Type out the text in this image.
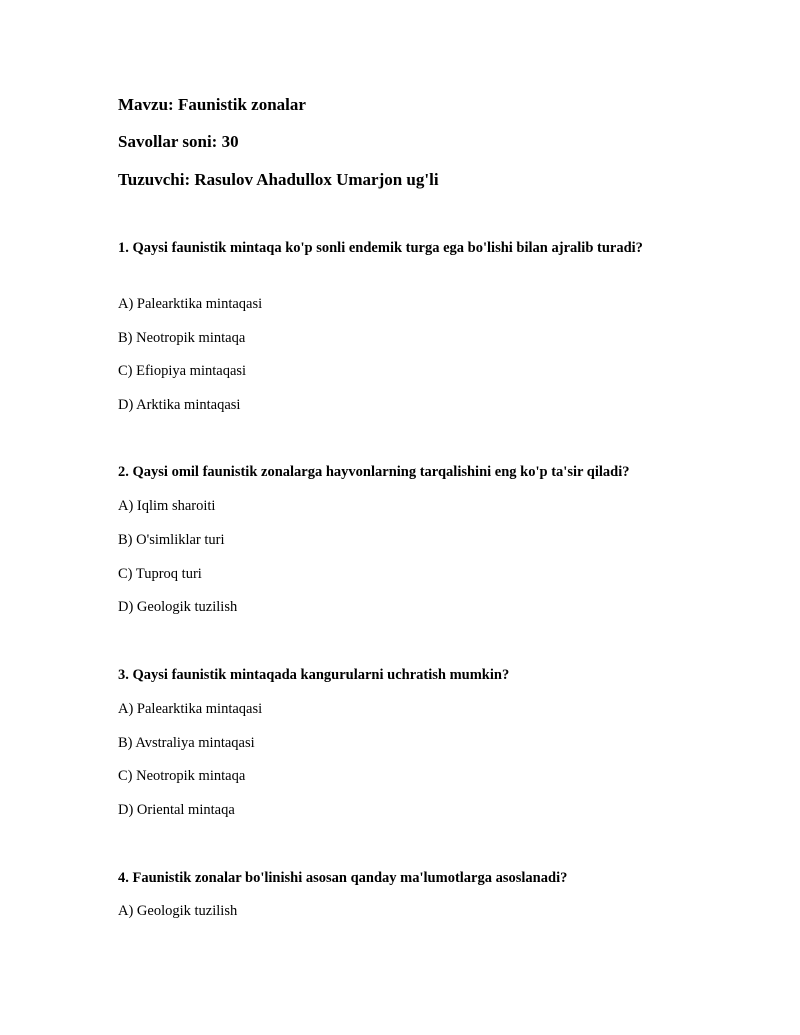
Mavzu: Faunistik zonalar

Savollar soni: 30

Tuzuvchi: Rasulov Ahadullox Umarjon ug'li

1. Qaysi faunistik mintaqa ko'p sonli endemik turga ega bo'lishi bilan ajralib turadi?

A) Palearktika mintaqasi

B) Neotropik mintaqa

C) Efiopiya mintaqasi

D) Arktika mintaqasi

2. Qaysi omil faunistik zonalarga hayvonlarning tarqalishini eng ko'p ta'sir qiladi?

A) Iqlim sharoiti

B) O'simliklar turi

C) Tuproq turi

D) Geologik tuzilish

3. Qaysi faunistik mintaqada kangurularni uchratish mumkin?

A) Palearktika mintaqasi

B) Avstraliya mintaqasi

C) Neotropik mintaqa

D) Oriental mintaqa

4. Faunistik zonalar bo'linishi asosan qanday ma'lumotlarga asoslanadi?

A) Geologik tuzilish
